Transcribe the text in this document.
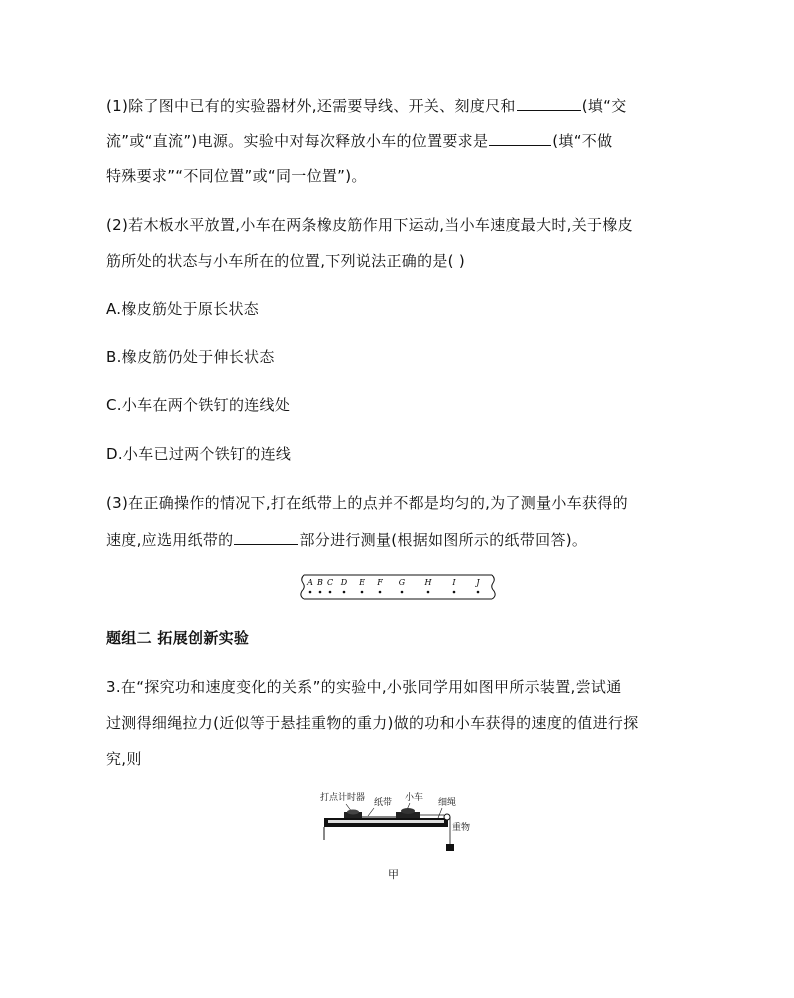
(1)除了图中已有的实验器材外,还需要导线、开关、刻度尺和	(填“交
流”或“直流”)电源。实验中对每次释放小车的位置要求是	(填“不做
特殊要求”“不同位置”或“同一位置”)。
(2)若木板水平放置,小车在两条橡皮筋作用下运动,当小车速度最大时,关于橡皮
筋所处的状态与小车所在的位置,下列说法正确的是( )
A.橡皮筋处于原长状态
B.橡皮筋仍处于伸长状态
C.小车在两个铁钉的连线处
D.小车已过两个铁钉的连线
(3)在正确操作的情况下,打在纸带上的点并不都是均匀的,为了测量小车获得的
速度,应选用纸带的	部分进行测量(根据如图所示的纸带回答)。
A B C D E F G H	I	J
题组二 拓展创新实验
3.在“探究功和速度变化的关系”的实验中,小张同学用如图甲所示装置,尝试通
过测得细绳拉力(近似等于悬挂重物的重力)做的功和小车获得的速度的值进行探
究,则
打点计时器 纸带 小车 细绳
重物
甲
